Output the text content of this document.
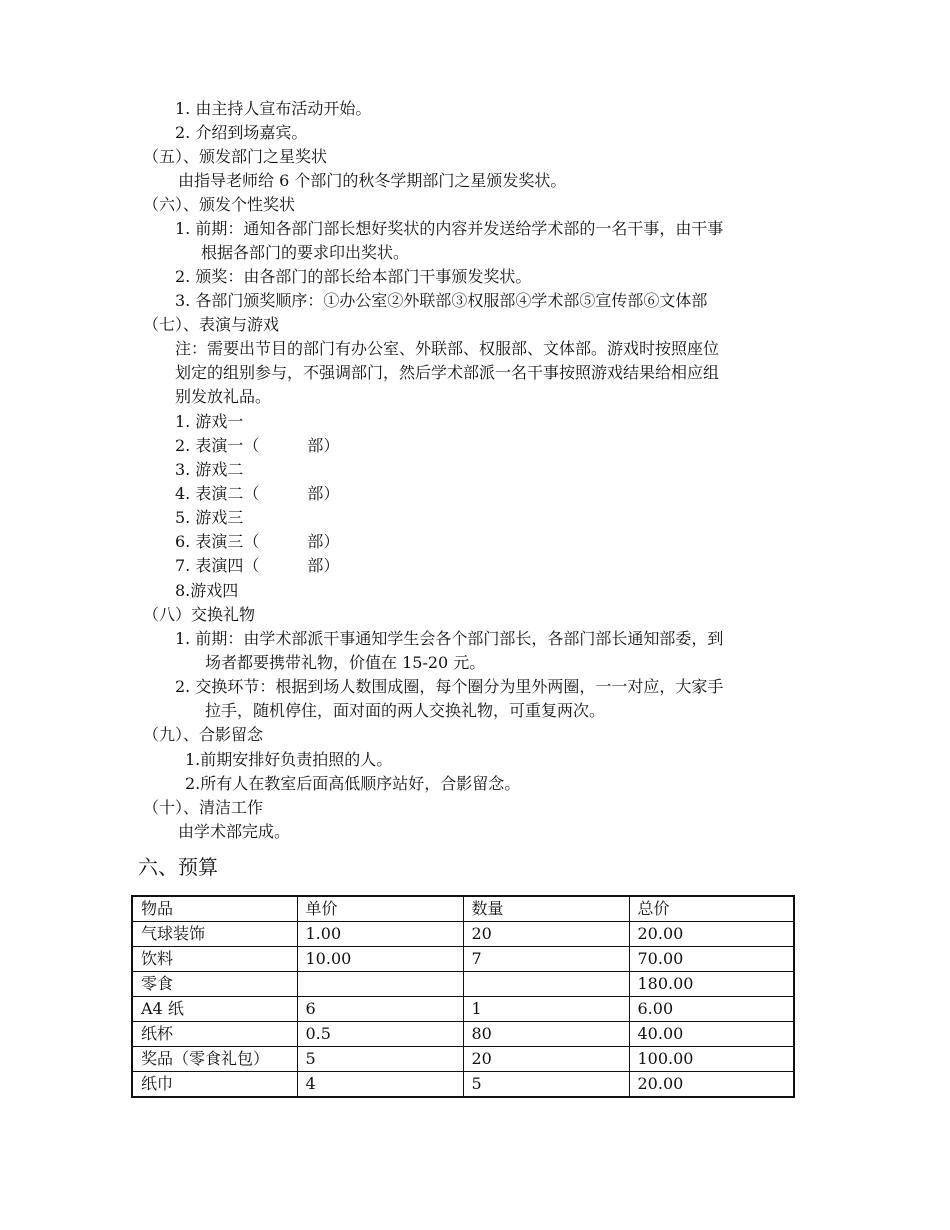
1. 由主持人宣布活动开始。
2. 介绍到场嘉宾。
（五）、颁发部门之星奖状
由指导老师给 6 个部门的秋冬学期部门之星颁发奖状。
（六）、颁发个性奖状
1. 前期：通知各部门部长想好奖状的内容并发送给学术部的一名干事，由干事
根据各部门的要求印出奖状。
2. 颁奖：由各部门的部长给本部门干事颁发奖状。
3. 各部门颁奖顺序：①办公室②外联部③权服部④学术部⑤宣传部⑥文体部
（七）、表演与游戏
注：需要出节目的部门有办公室、外联部、权服部、文体部。游戏时按照座位
划定的组别参与，不强调部门，然后学术部派一名干事按照游戏结果给相应组
别发放礼品。
1. 游戏一
2. 表演一（　　　部）
3. 游戏二
4. 表演二（　　　部）
5. 游戏三
6. 表演三（　　　部）
7. 表演四（　　　部）
8.游戏四
（八）交换礼物
1. 前期：由学术部派干事通知学生会各个部门部长，各部门部长通知部委，到
场者都要携带礼物，价值在 15-20 元。
2. 交换环节：根据到场人数围成圈，每个圈分为里外两圈，一一对应，大家手
拉手，随机停住，面对面的两人交换礼物，可重复两次。
（九）、合影留念
1.前期安排好负责拍照的人。
2.所有人在教室后面高低顺序站好，合影留念。
（十）、清洁工作
由学术部完成。
六、预算
物品	单价	数量	总价
气球装饰	1.00	20	20.00
饮料	10.00	7	70.00
零食			180.00
A4 纸	6	1	6.00
纸杯	0.5	80	40.00
奖品（零食礼包）	5	20	100.00
纸巾	4	5	20.00
